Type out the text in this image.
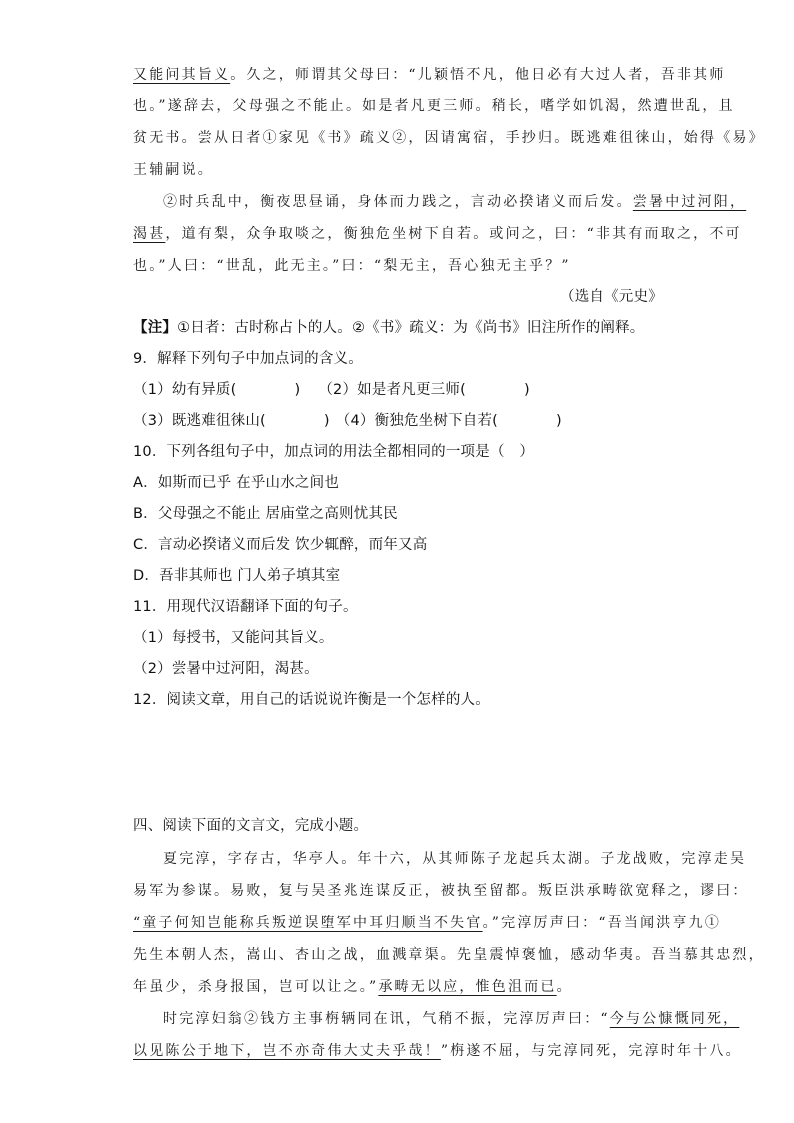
又能问其旨义。久之，师谓其父母曰：“儿颖悟不凡，他日必有大过人者，吾非其师
也。”遂辞去，父母强之不能止。如是者凡更三师。稍长，嗜学如饥渴，然遭世乱，且
贫无书。尝从日者①家见《书》疏义②，因请寓宿，手抄归。既逃难徂徕山，始得《易》
王辅嗣说。
②时兵乱中，衡夜思昼诵，身体而力践之，言动必揆诸义而后发。尝暑中过河阳，
渴甚，道有梨，众争取啖之，衡独危坐树下自若。或问之，曰：“非其有而取之，不可
也。”人曰：“世乱，此无主。”曰：“梨无主，吾心独无主乎？”
（选自《元史》
【注】①日者：古时称占卜的人。②《书》疏义：为《尚书》旧注所作的阐释。
9．解释下列句子中加点词的含义。
（1）幼有异质(	) （2）如是者凡更三师(	)
（3）既逃难徂徕山(	) （4）衡独危坐树下自若(	)
10．下列各组句子中，加点词的用法全都相同的一项是（　）
A．如斯而已乎 在乎山水之间也
B．父母强之不能止 居庙堂之高则忧其民
C．言动必揆诸义而后发 饮少辄醉，而年又高
D．吾非其师也 门人弟子填其室
11．用现代汉语翻译下面的句子。
（1）每授书，又能问其旨义。
（2）尝暑中过河阳，渴甚。
12．阅读文章，用自己的话说说许衡是一个怎样的人。
四、阅读下面的文言文，完成小题。
夏完淳，字存古，华亭人。年十六，从其师陈子龙起兵太湖。子龙战败，完淳走吴
易军为参谋。易败，复与吴圣兆连谋反正，被执至留都。叛臣洪承畴欲宽释之，谬曰：
“童子何知岂能称兵叛逆误堕军中耳归顺当不失官。”完淳厉声曰：“吾当闻洪亨九①
先生本朝人杰，嵩山、杏山之战，血溅章渠。先皇震悼褒恤，感动华夷。吾当慕其忠烈，
年虽少，杀身报国，岂可以让之。”承畴无以应，惟色沮而已。
时完淳妇翁②钱方主事栴辆同在讯，气稍不振，完淳厉声曰：“今与公慷慨同死，
以见陈公于地下，岂不亦奇伟大丈夫乎哉！”栴遂不屈，与完淳同死，完淳时年十八。
